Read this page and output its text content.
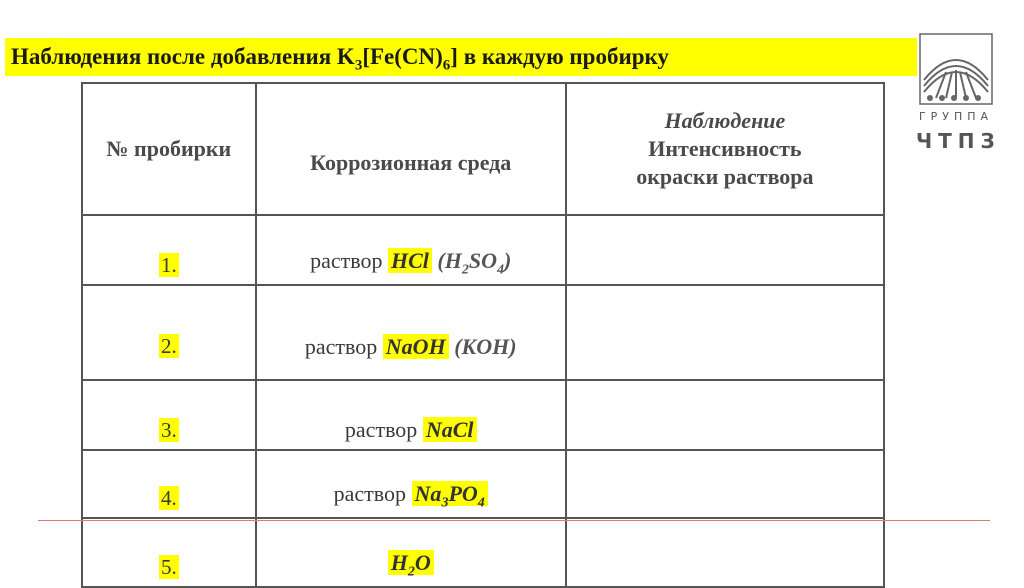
Наблюдения после добавления $K_3[Fe(CN)_6]$ в каждую пробирку
ГРУППА
ЧТПЗ
№ пробирки	Коррозионная среда	Наблюдение
Интенсивность
окраски раствора

1.	раствор HCl $(H_2SO_4)$	
2.	раствор NaOH (KOH)	
3.	раствор NaCl	
4.	раствор $Na_3PO_4$	
5.	$H_2O$	
